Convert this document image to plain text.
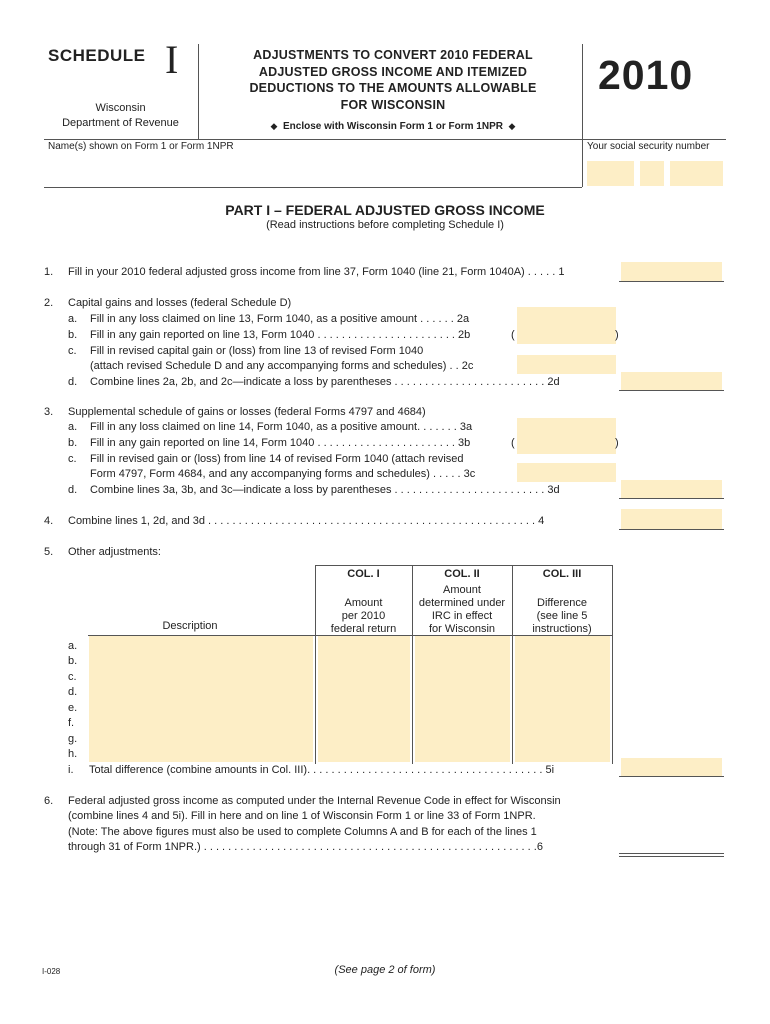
SCHEDULE I
Wisconsin
Department of Revenue
ADJUSTMENTS TO CONVERT 2010 FEDERAL
ADJUSTED GROSS INCOME AND ITEMIZED
DEDUCTIONS TO THE AMOUNTS ALLOWABLE
FOR WISCONSIN
◆ Enclose with Wisconsin Form 1 or Form 1NPR ◆
2010
Name(s) shown on Form 1 or Form 1NPR	Your social security number
PART I – FEDERAL ADJUSTED GROSS INCOME
(Read instructions before completing Schedule I)
1. Fill in your 2010 federal adjusted gross income from line 37, Form 1040 (line 21, Form 1040A) . . . . . 1
2. Capital gains and losses (federal Schedule D)
a. Fill in any loss claimed on line 13, Form 1040, as a positive amount . . . . . . 2a
b. Fill in any gain reported on line 13, Form 1040 . . . . . . . . . . . . . . . . . . . . . . . 2b	(	)
c. Fill in revised capital gain or (loss) from line 13 of revised Form 1040
(attach revised Schedule D and any accompanying forms and schedules) . . 2c
d. Combine lines 2a, 2b, and 2c—indicate a loss by parentheses . . . . . . . . . . . . . . . . . . . . . . . . . 2d
3. Supplemental schedule of gains or losses (federal Forms 4797 and 4684)
a. Fill in any loss claimed on line 14, Form 1040, as a positive amount. . . . . . . 3a
b. Fill in any gain reported on line 14, Form 1040 . . . . . . . . . . . . . . . . . . . . . . . 3b	(	)
c. Fill in revised gain or (loss) from line 14 of revised Form 1040 (attach revised
Form 4797, Form 4684, and any accompanying forms and schedules) . . . . . 3c
d. Combine lines 3a, 3b, and 3c—indicate a loss by parentheses . . . . . . . . . . . . . . . . . . . . . . . . . 3d
4. Combine lines 1, 2d, and 3d . . . . . . . . . . . . . . . . . . . . . . . . . . . . . . . . . . . . . . . . . . . . . . . . . . . . . . 4
5. Other adjustments:
COL. I
Amount
per 2010
federal return
COL. II
Amount
determined under
IRC in effect
for Wisconsin
COL. III
Difference
(see line 5
instructions)
Description
a.
b.
c.
d.
e.
f.
g.
h.
i. Total difference (combine amounts in Col. III). . . . . . . . . . . . . . . . . . . . . . . . . . . . . . . . . . . . . . . 5i
6. Federal adjusted gross income as computed under the Internal Revenue Code in effect for Wisconsin
(combine lines 4 and 5i). Fill in here and on line 1 of Wisconsin Form 1 or line 33 of Form 1NPR.
(Note: The above figures must also be used to complete Columns A and B for each of the lines 1
through 31 of Form 1NPR.) . . . . . . . . . . . . . . . . . . . . . . . . . . . . . . . . . . . . . . . . . . . . . . . . . . . . . . .6
I-028	(See page 2 of form)
